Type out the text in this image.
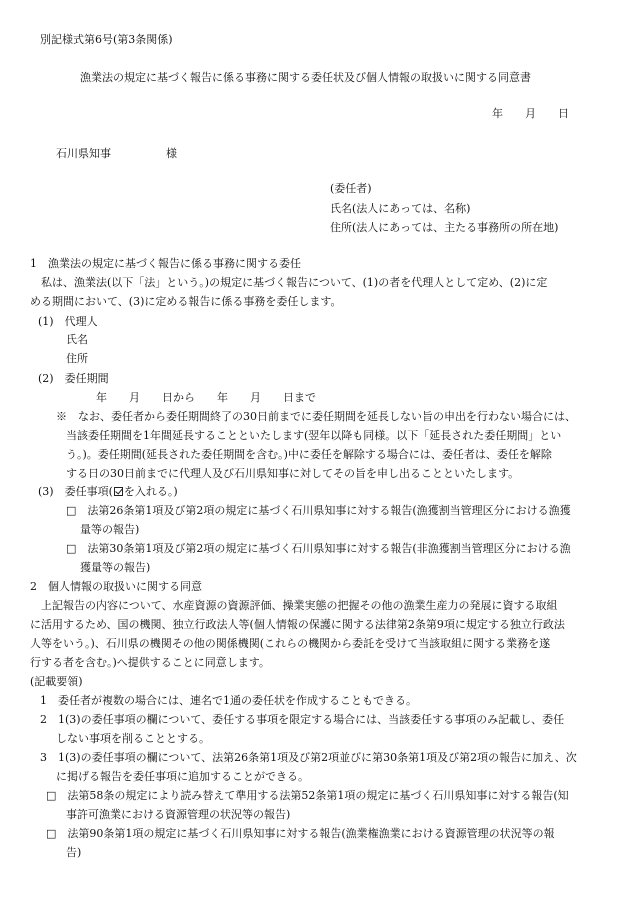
別記様式第6号(第3条関係)
漁業法の規定に基づく報告に係る事務に関する委任状及び個人情報の取扱いに関する同意書
年　　月　　日
石川県知事　　　　　様
(委任者)
氏名(法人にあっては、名称)
住所(法人にあっては、主たる事務所の所在地)
1　漁業法の規定に基づく報告に係る事務に関する委任
　私は、漁業法(以下「法」という。)の規定に基づく報告について、(1)の者を代理人として定め、(2)に定
める期間において、(3)に定める報告に係る事務を委任します。
(1)　代理人
氏名
住所
(2)　委任期間
年　　月　　日から　　年　　月　　日まで
※　なお、委任者から委任期間終了の30日前までに委任期間を延長しない旨の申出を行わない場合には、
当該委任期間を1年間延長することといたします(翌年以降も同様。以下「延長された委任期間」とい
う。)。委任期間(延長された委任期間を含む。)中に委任を解除する場合には、委任者は、委任を解除
する日の30日前までに代理人及び石川県知事に対してその旨を申し出ることといたします。
(3)　委任事項( を入れる。)
□　法第26条第1項及び第2項の規定に基づく石川県知事に対する報告(漁獲割当管理区分における漁獲
量等の報告)
□　法第30条第1項及び第2項の規定に基づく石川県知事に対する報告(非漁獲割当管理区分における漁
獲量等の報告)
2　個人情報の取扱いに関する同意
　上記報告の内容について、水産資源の資源評価、操業実態の把握その他の漁業生産力の発展に資する取組
に活用するため、国の機関、独立行政法人等(個人情報の保護に関する法律第2条第9項に規定する独立行政法
人等をいう。)、石川県の機関その他の関係機関(これらの機関から委託を受けて当該取組に関する業務を遂
行する者を含む。)へ提供することに同意します。
(記載要領)
1　委任者が複数の場合には、連名で1通の委任状を作成することもできる。
2　1(3)の委任事項の欄について、委任する事項を限定する場合には、当該委任する事項のみ記載し、委任
しない事項を削ることとする。
3　1(3)の委任事項の欄について、法第26条第1項及び第2項並びに第30条第1項及び第2項の報告に加え、次
に掲げる報告を委任事項に追加することができる。
□　法第58条の規定により読み替えて準用する法第52条第1項の規定に基づく石川県知事に対する報告(知
事許可漁業における資源管理の状況等の報告)
□　法第90条第1項の規定に基づく石川県知事に対する報告(漁業権漁業における資源管理の状況等の報
告)
